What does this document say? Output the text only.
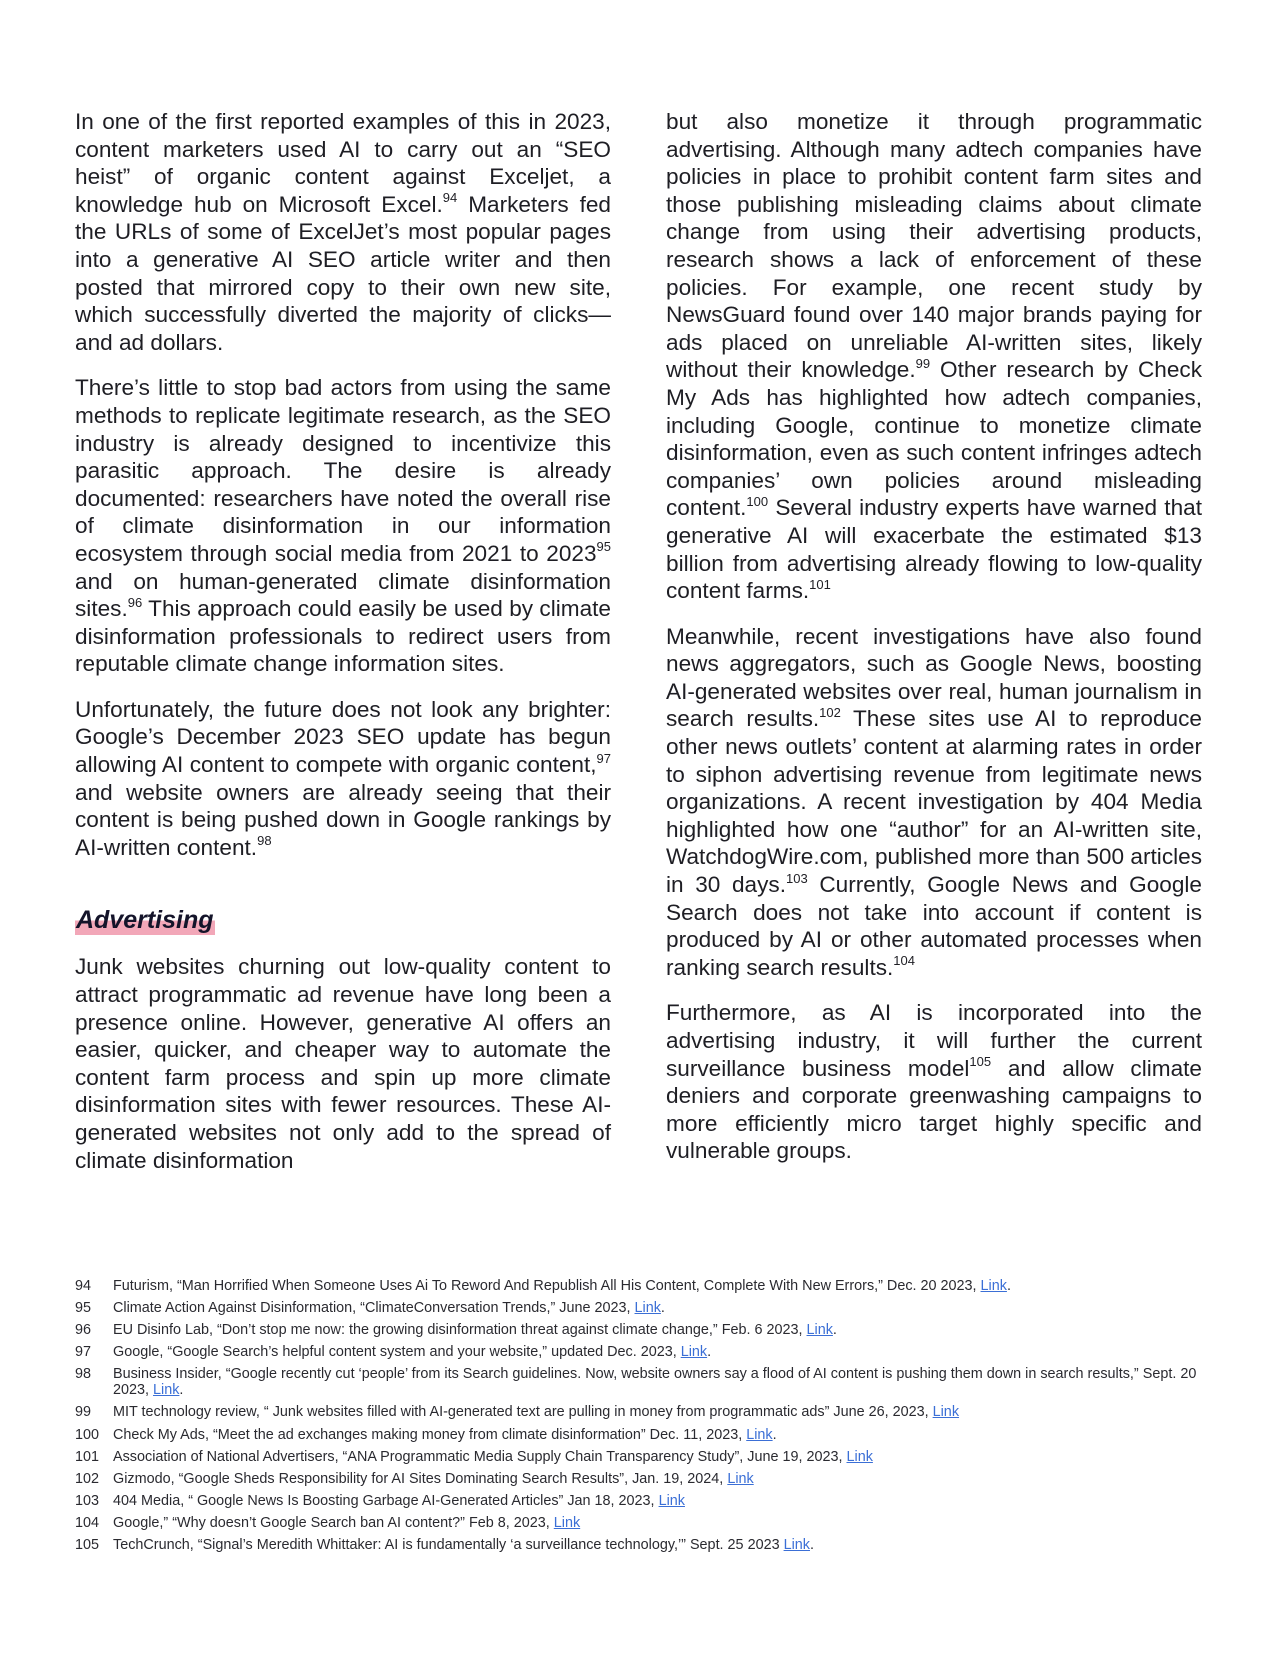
In one of the first reported examples of this in 2023, content marketers used AI to carry out an “SEO heist” of organic content against Exceljet, a knowledge hub on Microsoft Excel.$^{94}$ Marketers fed the URLs of some of ExcelJet’s most popular pages into a generative AI SEO article writer and then posted that mirrored copy to their own new site, which successfully diverted the majority of clicks—and ad dollars.

There’s little to stop bad actors from using the same methods to replicate legitimate research, as the SEO industry is already designed to incentivize this parasitic approach. The desire is already documented: researchers have noted the overall rise of climate disinformation in our information ecosystem through social media from 2021 to 2023$^{95}$ and on human-generated climate disinformation sites.$^{96}$ This approach could easily be used by climate disinformation professionals to redirect users from reputable climate change information sites.

Unfortunately, the future does not look any brighter: Google’s December 2023 SEO update has begun allowing AI content to compete with organic content,$^{97}$ and website owners are already seeing that their content is being pushed down in Google rankings by AI-written content.$^{98}$

Advertising

Junk websites churning out low-quality content to attract programmatic ad revenue have long been a presence online. However, generative AI offers an easier, quicker, and cheaper way to automate the content farm process and spin up more climate disinformation sites with fewer resources. These AI-generated websites not only add to the spread of climate disinformation

but also monetize it through programmatic advertising. Although many adtech companies have policies in place to prohibit content farm sites and those publishing misleading claims about climate change from using their advertising products, research shows a lack of enforcement of these policies. For example, one recent study by NewsGuard found over 140 major brands paying for ads placed on unreliable AI-written sites, likely without their knowledge.$^{99}$ Other research by Check My Ads has highlighted how adtech companies, including Google, continue to monetize climate disinformation, even as such content infringes adtech companies’ own policies around misleading content.$^{100}$ Several industry experts have warned that generative AI will exacerbate the estimated $13 billion from advertising already flowing to low-quality content farms.$^{101}$

Meanwhile, recent investigations have also found news aggregators, such as Google News, boosting AI-generated websites over real, human journalism in search results.$^{102}$ These sites use AI to reproduce other news outlets’ content at alarming rates in order to siphon advertising revenue from legitimate news organizations. A recent investigation by 404 Media highlighted how one “author” for an AI-written site, WatchdogWire.com, published more than 500 articles in 30 days.$^{103}$ Currently, Google News and Google Search does not take into account if content is produced by AI or other automated processes when ranking search results.$^{104}$

Furthermore, as AI is incorporated into the advertising industry, it will further the current surveillance business model$^{105}$ and allow climate deniers and corporate greenwashing campaigns to more efficiently micro target highly specific and vulnerable groups.

94	Futurism, “Man Horrified When Someone Uses Ai To Reword And Republish All His Content, Complete With New Errors,” Dec. 20 2023, Link.
95	Climate Action Against Disinformation, “ClimateConversation Trends,” June 2023, Link.
96	EU Disinfo Lab, “Don’t stop me now: the growing disinformation threat against climate change,” Feb. 6 2023, Link.
97	Google, “Google Search’s helpful content system and your website,” updated Dec. 2023, Link.
98	Business Insider, “Google recently cut ‘people’ from its Search guidelines. Now, website owners say a flood of AI content is pushing them down in search results,” Sept. 20 2023, Link.
99	MIT technology review, “ Junk websites filled with AI-generated text are pulling in money from programmatic ads” June 26, 2023, Link
100 Check My Ads, “Meet the ad exchanges making money from climate disinformation” Dec. 11, 2023, Link.
101 Association of National Advertisers, “ANA Programmatic Media Supply Chain Transparency Study”, June 19, 2023, Link
102 Gizmodo, “Google Sheds Responsibility for AI Sites Dominating Search Results”, Jan. 19, 2024, Link
103 404 Media, “ Google News Is Boosting Garbage AI-Generated Articles” Jan 18, 2023, Link
104 Google,” “Why doesn’t Google Search ban AI content?” Feb 8, 2023, Link
105 TechCrunch, “Signal’s Meredith Whittaker: AI is fundamentally ‘a surveillance technology,’” Sept. 25 2023 Link.
